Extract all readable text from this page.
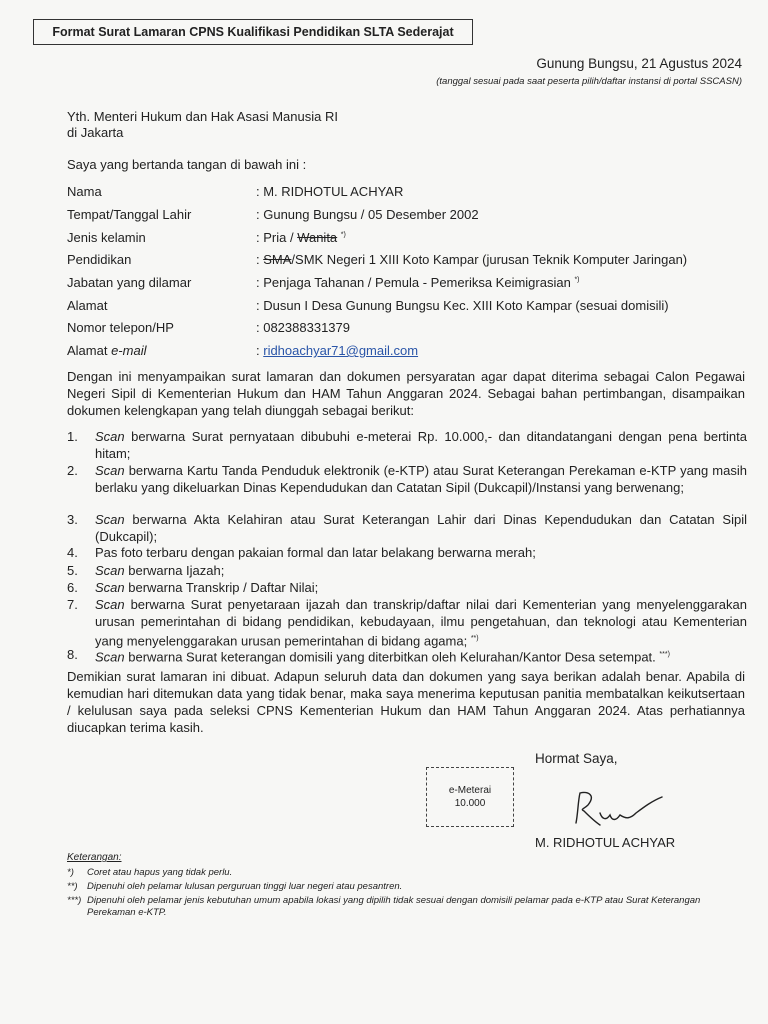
Format Surat Lamaran CPNS Kualifikasi Pendidikan SLTA Sederajat
Gunung Bungsu, 21 Agustus 2024
(tanggal sesuai pada saat peserta pilih/daftar instansi di portal SSCASN)
Yth. Menteri Hukum dan Hak Asasi Manusia RI
di Jakarta
Saya yang bertanda tangan di bawah ini :
Nama	: M. RIDHOTUL ACHYAR
Tempat/Tanggal Lahir	: Gunung Bungsu / 05 Desember 2002
Jenis kelamin	: Pria / Wanita *)
Pendidikan	: SMA/SMK Negeri 1 XIII Koto Kampar (jurusan Teknik Komputer Jaringan)
Jabatan yang dilamar	: Penjaga Tahanan / Pemula - Pemeriksa Keimigrasian *)
Alamat	: Dusun I Desa Gunung Bungsu Kec. XIII Koto Kampar (sesuai domisili)
Nomor telepon/HP	: 082388331379
Alamat e-mail	: ridhoachyar71@gmail.com
Dengan ini menyampaikan surat lamaran dan dokumen persyaratan agar dapat diterima sebagai Calon Pegawai Negeri Sipil di Kementerian Hukum dan HAM Tahun Anggaran 2024. Sebagai bahan pertimbangan, disampaikan dokumen kelengkapan yang telah diunggah sebagai berikut:
1.	Scan berwarna Surat pernyataan dibubuhi e-meterai Rp. 10.000,- dan ditandatangani dengan pena bertinta hitam;
2.	Scan berwarna Kartu Tanda Penduduk elektronik (e-KTP) atau Surat Keterangan Perekaman e-KTP yang masih berlaku yang dikeluarkan Dinas Kependudukan dan Catatan Sipil (Dukcapil)/Instansi yang berwenang;
3.	Scan berwarna Akta Kelahiran atau Surat Keterangan Lahir dari Dinas Kependudukan dan Catatan Sipil (Dukcapil);
4.	Pas foto terbaru dengan pakaian formal dan latar belakang berwarna merah;
5.	Scan berwarna Ijazah;
6.	Scan berwarna Transkrip / Daftar Nilai;
7.	Scan berwarna Surat penyetaraan ijazah dan transkrip/daftar nilai dari Kementerian yang menyelenggarakan urusan pemerintahan di bidang pendidikan, kebudayaan, ilmu pengetahuan, dan teknologi atau Kementerian yang menyelenggarakan urusan pemerintahan di bidang agama; **)
8.	Scan berwarna Surat keterangan domisili yang diterbitkan oleh Kelurahan/Kantor Desa setempat. ***)
Demikian surat lamaran ini dibuat. Adapun seluruh data dan dokumen yang saya berikan adalah benar. Apabila di kemudian hari ditemukan data yang tidak benar, maka saya menerima keputusan panitia membatalkan keikutsertaan / kelulusan saya pada seleksi CPNS Kementerian Hukum dan HAM Tahun Anggaran 2024. Atas perhatiannya diucapkan terima kasih.
Hormat Saya,
e-Meterai
10.000
M. RIDHOTUL ACHYAR
Keterangan:
*)	Coret atau hapus yang tidak perlu.
**) Dipenuhi oleh pelamar lulusan perguruan tinggi luar negeri atau pesantren.
***) Dipenuhi oleh pelamar jenis kebutuhan umum apabila lokasi yang dipilih tidak sesuai dengan domisili pelamar pada e-KTP atau Surat Keterangan Perekaman e-KTP.
